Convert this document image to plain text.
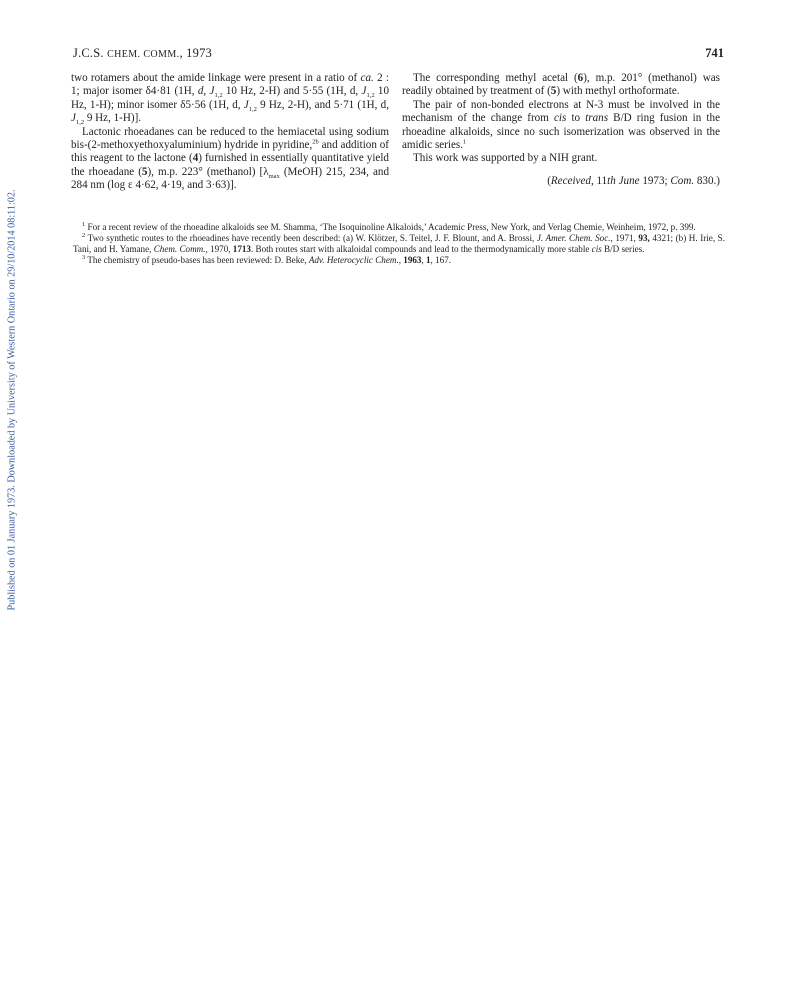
Published on 01 January 1973. Downloaded by University of Western Ontario on 29/10/2014 08:11:02.
J.C.S. CHEM. COMM., 1973	741

two rotamers about the amide linkage were present in a ratio of ca. 2 : 1; major isomer δ4·81 (1H, d, $J_{1,2}$ 10 Hz, 2-H) and 5·55 (1H, d, $J_{1,2}$ 10 Hz, 1-H); minor isomer δ5·56 (1H, d, $J_{1,2}$ 9 Hz, 2-H), and 5·71 (1H, d, $J_{1,2}$ 9 Hz, 1-H)].

Lactonic rhoeadanes can be reduced to the hemiacetal using sodium bis-(2-methoxyethoxyaluminium) hydride in pyridine,$^{2b}$ and addition of this reagent to the lactone (4) furnished in essentially quantitative yield the rhoeadane (5), m.p. 223° (methanol) [$\lambda_{max}$ (MeOH) 215, 234, and 284 nm (log ε 4·62, 4·19, and 3·63)].

The corresponding methyl acetal (6), m.p. 201° (methanol) was readily obtained by treatment of (5) with methyl orthoformate.

The pair of non-bonded electrons at N-3 must be involved in the mechanism of the change from cis to trans B/D ring fusion in the rhoeadine alkaloids, since no such isomerization was observed in the amidic series.$^1$

This work was supported by a NIH grant.

(Received, 11th June 1973; Com. 830.)

$^1$ For a recent review of the rhoeadine alkaloids see M. Shamma, ‘The Isoquinoline Alkaloids,’ Academic Press, New York, and Verlag Chemie, Weinheim, 1972, p. 399.

$^2$ Two synthetic routes to the rhoeadines have recently been described: (a) W. Klötzer, S. Teitel, J. F. Blount, and A. Brossi, J. Amer. Chem. Soc., 1971, 93, 4321; (b) H. Irie, S. Tani, and H. Yamane, Chem. Comm., 1970, 1713. Both routes start with alkaloidal compounds and lead to the thermodynamically more stable cis B/D series.

$^3$ The chemistry of pseudo-bases has been reviewed: D. Beke, Adv. Heterocyclic Chem., 1963, 1, 167.
